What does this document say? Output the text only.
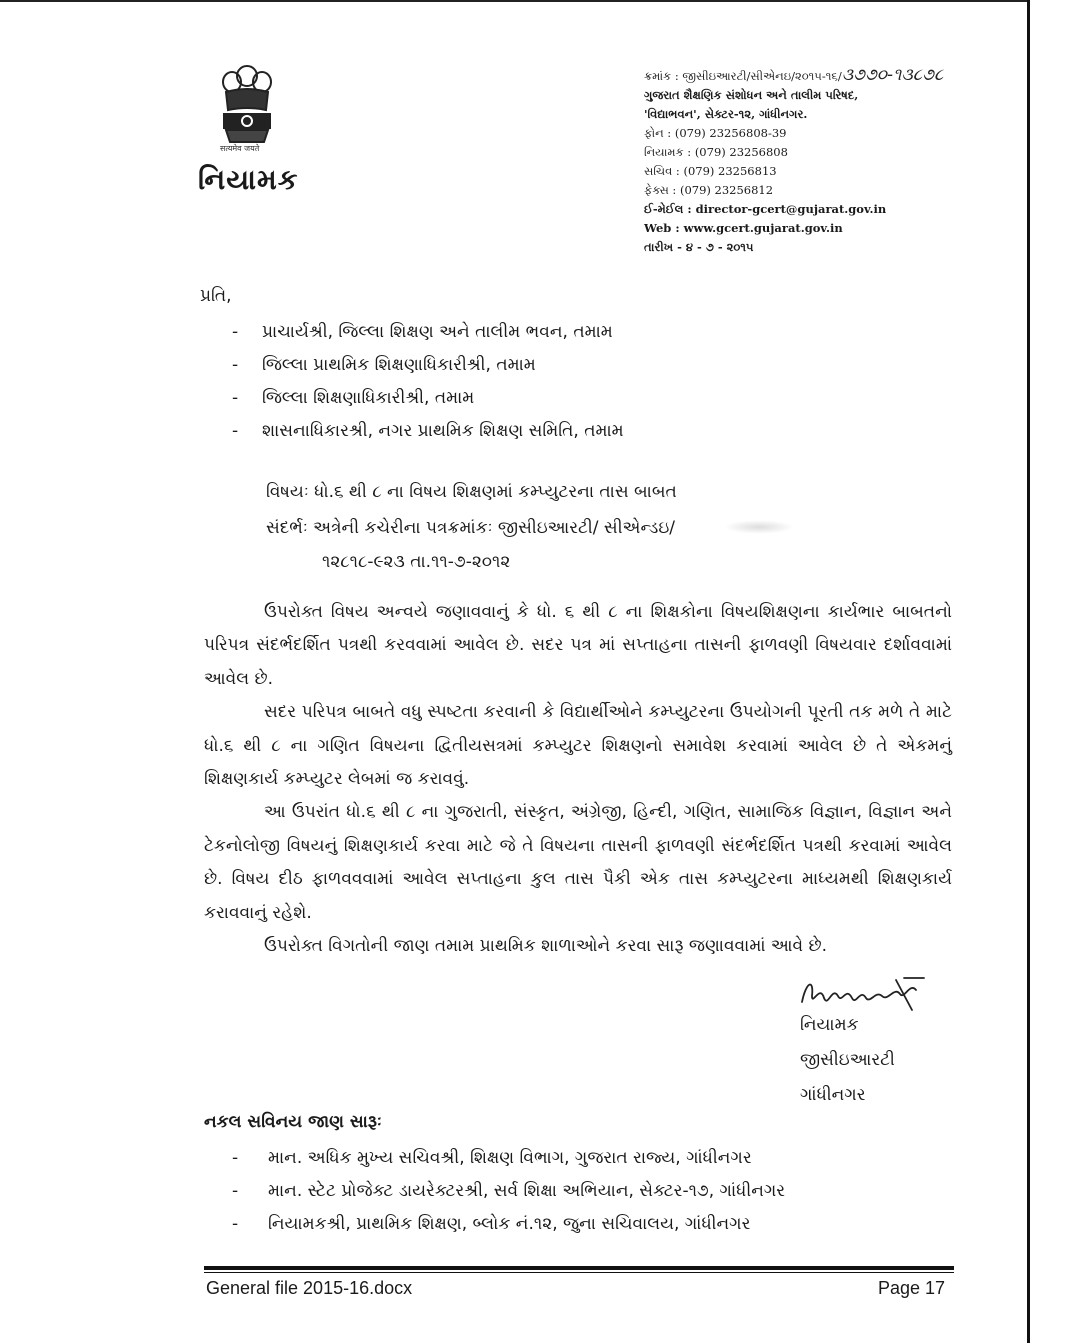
सत्यमेव जयते
નિયામક
ક્રમાંક : જીસીઇઆરટી/સીએનઇ/૨૦૧૫-૧૬/૩૭૭૦-૧૩૮૭૮
ગુજરાત શૈક્ષણિક સંશોધન અને તાલીમ પરિષદ,
'વિદ્યાભવન', સેક્ટર-૧૨, ગાંધીનગર.
ફોન : (079) 23256808-39
નિયામક : (079) 23256808
સચિવ : (079) 23256813
ફેક્સ : (079) 23256812
ઈ-મેઈલ : director-gcert@gujarat.gov.in
Web : www.gcert.gujarat.gov.in
તારીખ - ૪ - ૭ - ૨૦૧૫
પ્રતિ,
- પ્રાચાર્યશ્રી, જિલ્લા શિક્ષણ અને તાલીમ ભવન, તમામ
- જિલ્લા પ્રાથમિક શિક્ષણાધિકારીશ્રી, તમામ
- જિલ્લા શિક્ષણાધિકારીશ્રી, તમામ
- શાસનાધિકારશ્રી, નગર પ્રાથમિક શિક્ષણ સમિતિ, તમામ
વિષયઃ ધો.૬ થી ૮ ના વિષય શિક્ષણમાં કમ્પ્યુટરના તાસ બાબત
સંદર્ભઃ અત્રેની કચેરીના પત્રક્રમાંકઃ જીસીઇઆરટી/ સીએન્ડઇ/
૧૨૮૧૮-૯૨૩ તા.૧૧-૭-૨૦૧૨

ઉપરોક્ત વિષય અન્વયે જણાવવાનું કે ધો. ૬ થી ૮ ના શિક્ષકોના વિષયશિક્ષણના કાર્યભાર બાબતનો પરિપત્ર સંદર્ભદર્શિત પત્રથી કરવવામાં આવેલ છે. સદર પત્ર માં સપ્તાહના તાસની ફાળવણી વિષયવાર દર્શાવવામાં આવેલ છે.

સદર પરિપત્ર બાબતે વધુ સ્પષ્ટતા કરવાની કે વિદ્યાર્થીઓને કમ્પ્યુટરના ઉપયોગની પૂરતી તક મળે તે માટે ધો.૬ થી ૮ ના ગણિત વિષયના દ્વિતીયસત્રમાં કમ્પ્યુટર શિક્ષણનો સમાવેશ કરવામાં આવેલ છે તે એકમનું શિક્ષણકાર્ય કમ્પ્યુટર લેબમાં જ કરાવવું.

આ ઉપરાંત ધો.૬ થી ૮ ના ગુજરાતી, સંસ્કૃત, અંગ્રેજી, હિન્દી, ગણિત, સામાજિક વિજ્ઞાન, વિજ્ઞાન અને ટેકનોલોજી વિષયનું શિક્ષણકાર્ય કરવા માટે જે તે વિષયના તાસની ફાળવણી સંદર્ભદર્શિત પત્રથી કરવામાં આવેલ છે. વિષય દીઠ ફાળવવવામાં આવેલ સપ્તાહના કુલ તાસ પૈકી એક તાસ કમ્પ્યુટરના માધ્યમથી શિક્ષણકાર્ય કરાવવાનું રહેશે.

ઉપરોક્ત વિગતોની જાણ તમામ પ્રાથમિક શાળાઓને કરવા સારૂ જણાવવામાં આવે છે.

નિયામક
જીસીઇઆરટી
ગાંધીનગર
નકલ સવિનય જાણ સારૂઃ
- માન. અધિક મુખ્ય સચિવશ્રી, શિક્ષણ વિભાગ, ગુજરાત રાજ્ય, ગાંધીનગર
- માન. સ્ટેટ પ્રોજેક્ટ ડાયરેક્ટરશ્રી, સર્વ શિક્ષા અભિયાન, સેક્ટર-૧૭, ગાંધીનગર
- નિયામકશ્રી, પ્રાથમિક શિક્ષણ, બ્લોક નં.૧૨, જુના સચિવાલય, ગાંધીનગર
General file 2015-16.docx	Page 17
